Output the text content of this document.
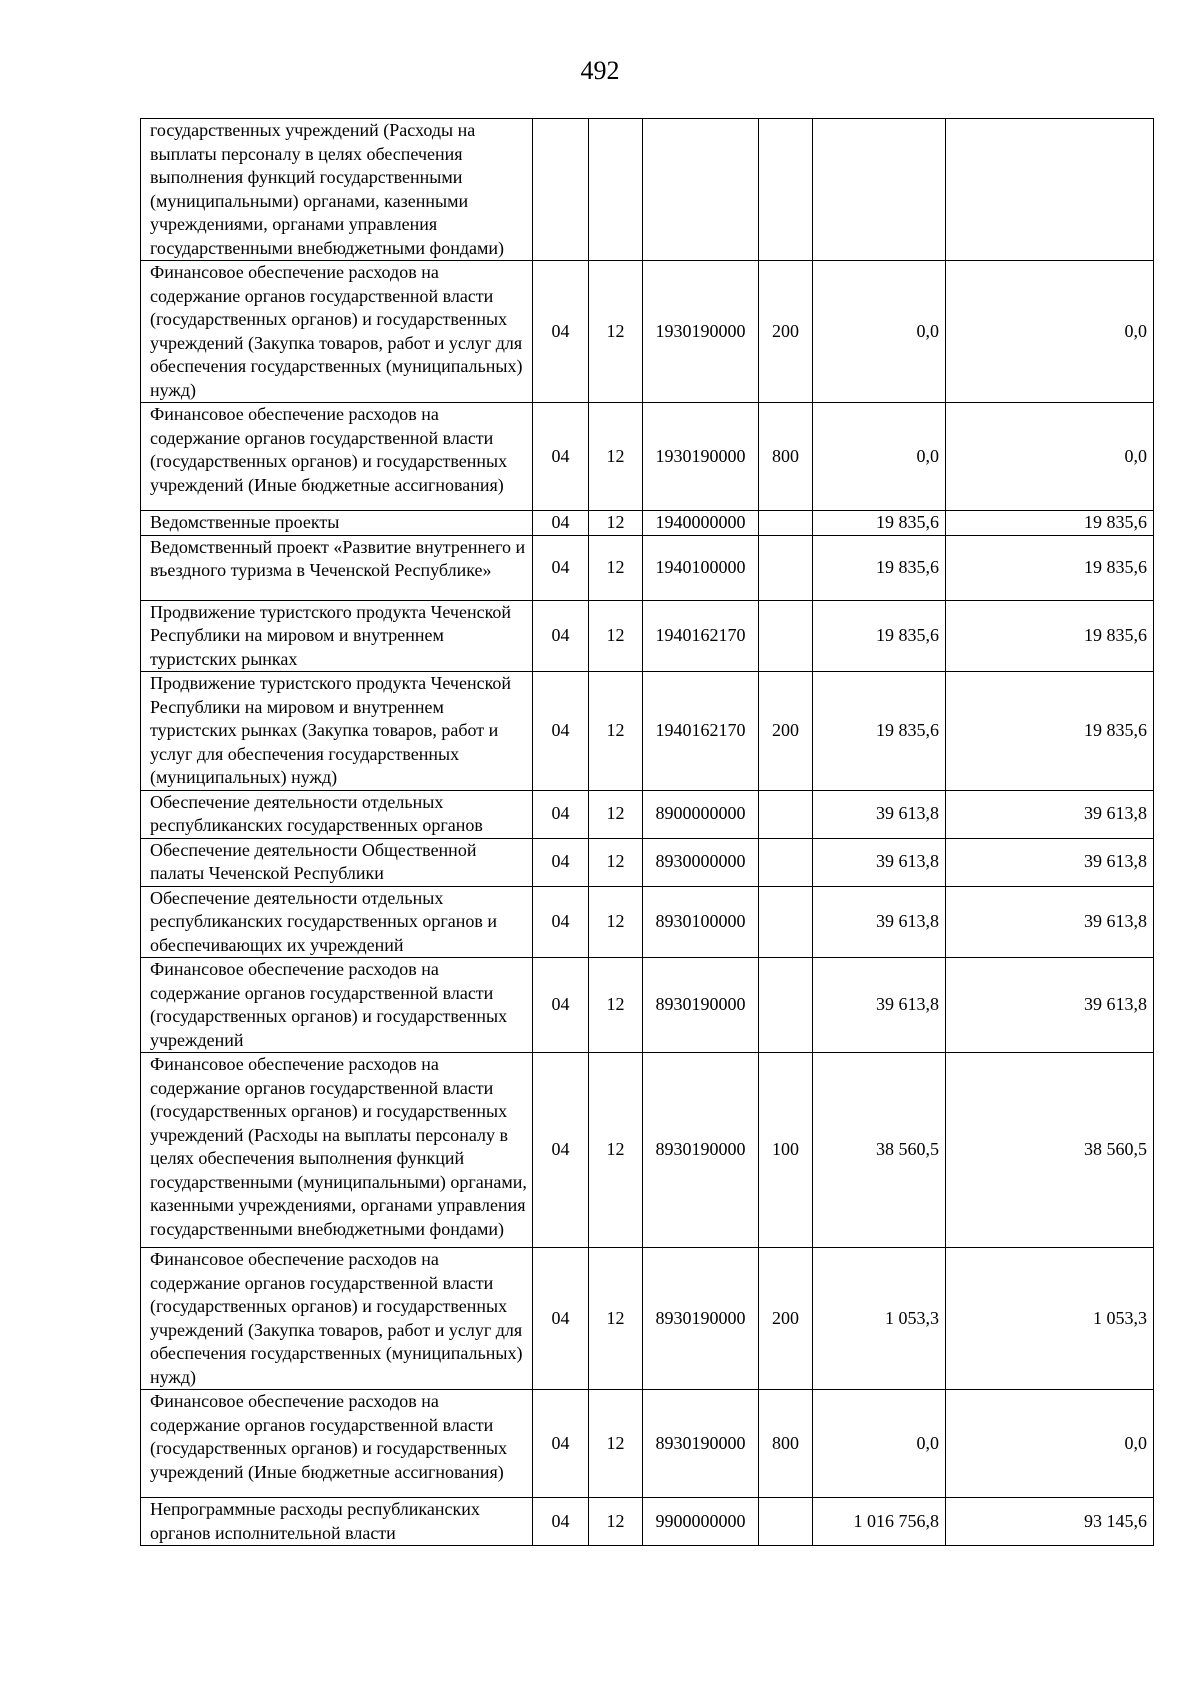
492
государственных учреждений (Расходы на выплаты персоналу в целях обеспечения выполнения функций государственными (муниципальными) органами, казенными учреждениями, органами управления государственными внебюджетными фондами)						
Финансовое обеспечение расходов на содержание органов государственной власти (государственных органов) и государственных учреждений (Закупка товаров, работ и услуг для обеспечения государственных (муниципальных) нужд)	04	12	1930190000	200	0,0	0,0
Финансовое обеспечение расходов на содержание органов государственной власти (государственных органов) и государственных учреждений (Иные бюджетные ассигнования)	04	12	1930190000	800	0,0	0,0
Ведомственные проекты	04	12	1940000000		19 835,6	19 835,6
Ведомственный проект «Развитие внутреннего и въездного туризма в Чеченской Республике»	04	12	1940100000		19 835,6	19 835,6
Продвижение туристского продукта Чеченской Республики на мировом и внутреннем туристских рынках	04	12	1940162170		19 835,6	19 835,6
Продвижение туристского продукта Чеченской Республики на мировом и внутреннем туристских рынках (Закупка товаров, работ и услуг для обеспечения государственных (муниципальных) нужд)	04	12	1940162170	200	19 835,6	19 835,6
Обеспечение деятельности отдельных республиканских государственных органов	04	12	8900000000		39 613,8	39 613,8
Обеспечение деятельности Общественной палаты Чеченской Республики	04	12	8930000000		39 613,8	39 613,8
Обеспечение деятельности отдельных республиканских государственных органов и обеспечивающих их учреждений	04	12	8930100000		39 613,8	39 613,8
Финансовое обеспечение расходов на содержание органов государственной власти (государственных органов) и государственных учреждений	04	12	8930190000		39 613,8	39 613,8
Финансовое обеспечение расходов на содержание органов государственной власти (государственных органов) и государственных учреждений (Расходы на выплаты персоналу в целях обеспечения выполнения функций государственными (муниципальными) органами, казенными учреждениями, органами управления государственными внебюджетными фондами)	04	12	8930190000	100	38 560,5	38 560,5
Финансовое обеспечение расходов на содержание органов государственной власти (государственных органов) и государственных учреждений (Закупка товаров, работ и услуг для обеспечения государственных (муниципальных) нужд)	04	12	8930190000	200	1 053,3	1 053,3
Финансовое обеспечение расходов на содержание органов государственной власти (государственных органов) и государственных учреждений (Иные бюджетные ассигнования)	04	12	8930190000	800	0,0	0,0
Непрограммные расходы республиканских органов исполнительной власти	04	12	9900000000		1 016 756,8	93 145,6
